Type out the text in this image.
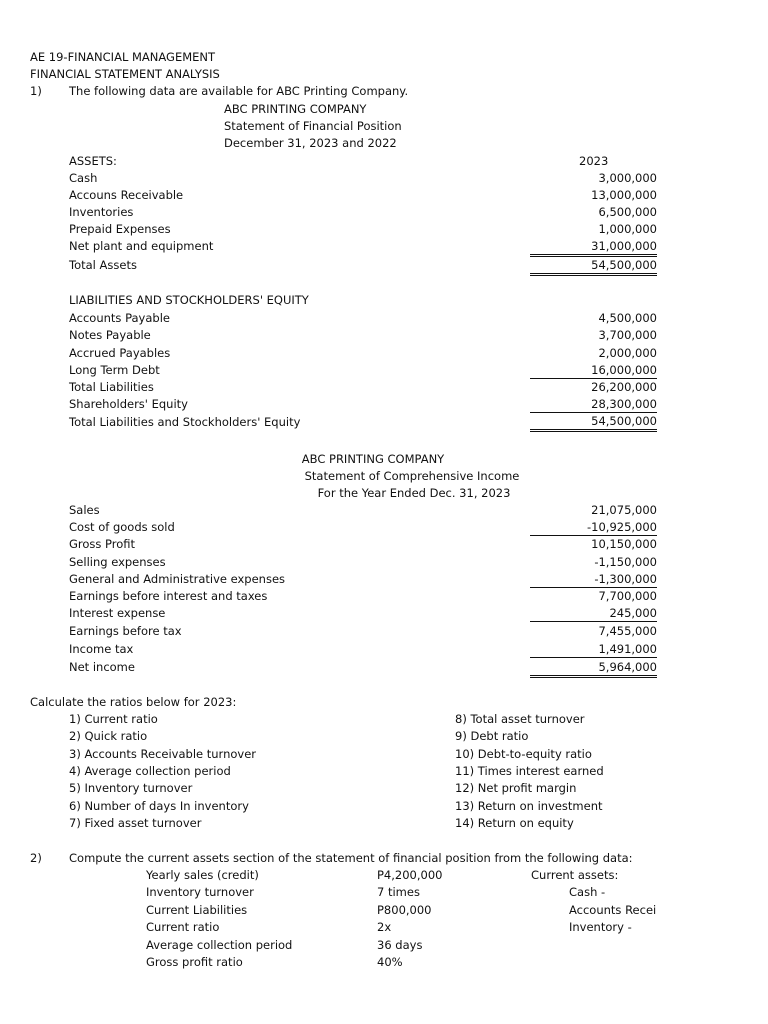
AE 19-FINANCIAL MANAGEMENT
FINANCIAL STATEMENT ANALYSIS
1) The following data are available for ABC Printing Company.
ABC PRINTING COMPANY
Statement of Financial Position
December 31, 2023 and 2022
ASSETS:	2023
Cash	3,000,000
Accouns Receivable	13,000,000
Inventories	6,500,000
Prepaid Expenses	1,000,000
Net plant and equipment	31,000,000
Total Assets	54,500,000
LIABILITIES AND STOCKHOLDERS' EQUITY
Accounts Payable	4,500,000
Notes Payable	3,700,000
Accrued Payables	2,000,000
Long Term Debt	16,000,000
Total Liabilities	26,200,000
Shareholders' Equity	28,300,000
Total Liabilities and Stockholders' Equity	54,500,000
ABC PRINTING COMPANY
Statement of Comprehensive Income
For the Year Ended Dec. 31, 2023
Sales	21,075,000
Cost of goods sold	-10,925,000
Gross Profit	10,150,000
Selling expenses	-1,150,000
General and Administrative expenses	-1,300,000
Earnings before interest and taxes	7,700,000
Interest expense	245,000
Earnings before tax	7,455,000
Income tax	1,491,000
Net income	5,964,000
Calculate the ratios below for 2023:
1) Current ratio
2) Quick ratio
3) Accounts Receivable turnover
4) Average collection period
5) Inventory turnover
6) Number of days In inventory
7) Fixed asset turnover
8) Total asset turnover
9) Debt ratio
10) Debt-to-equity ratio
11) Times interest earned
12) Net profit margin
13) Return on investment
14) Return on equity
2) Compute the current assets section of the statement of financial position from the following data:
Yearly sales (credit)	P4,200,000
Inventory turnover	7 times
Current Liabilities	P800,000
Current ratio	2x
Average collection period	36 days
Gross profit ratio	40%
Current assets:
Cash -
Accounts Recei
Inventory -
